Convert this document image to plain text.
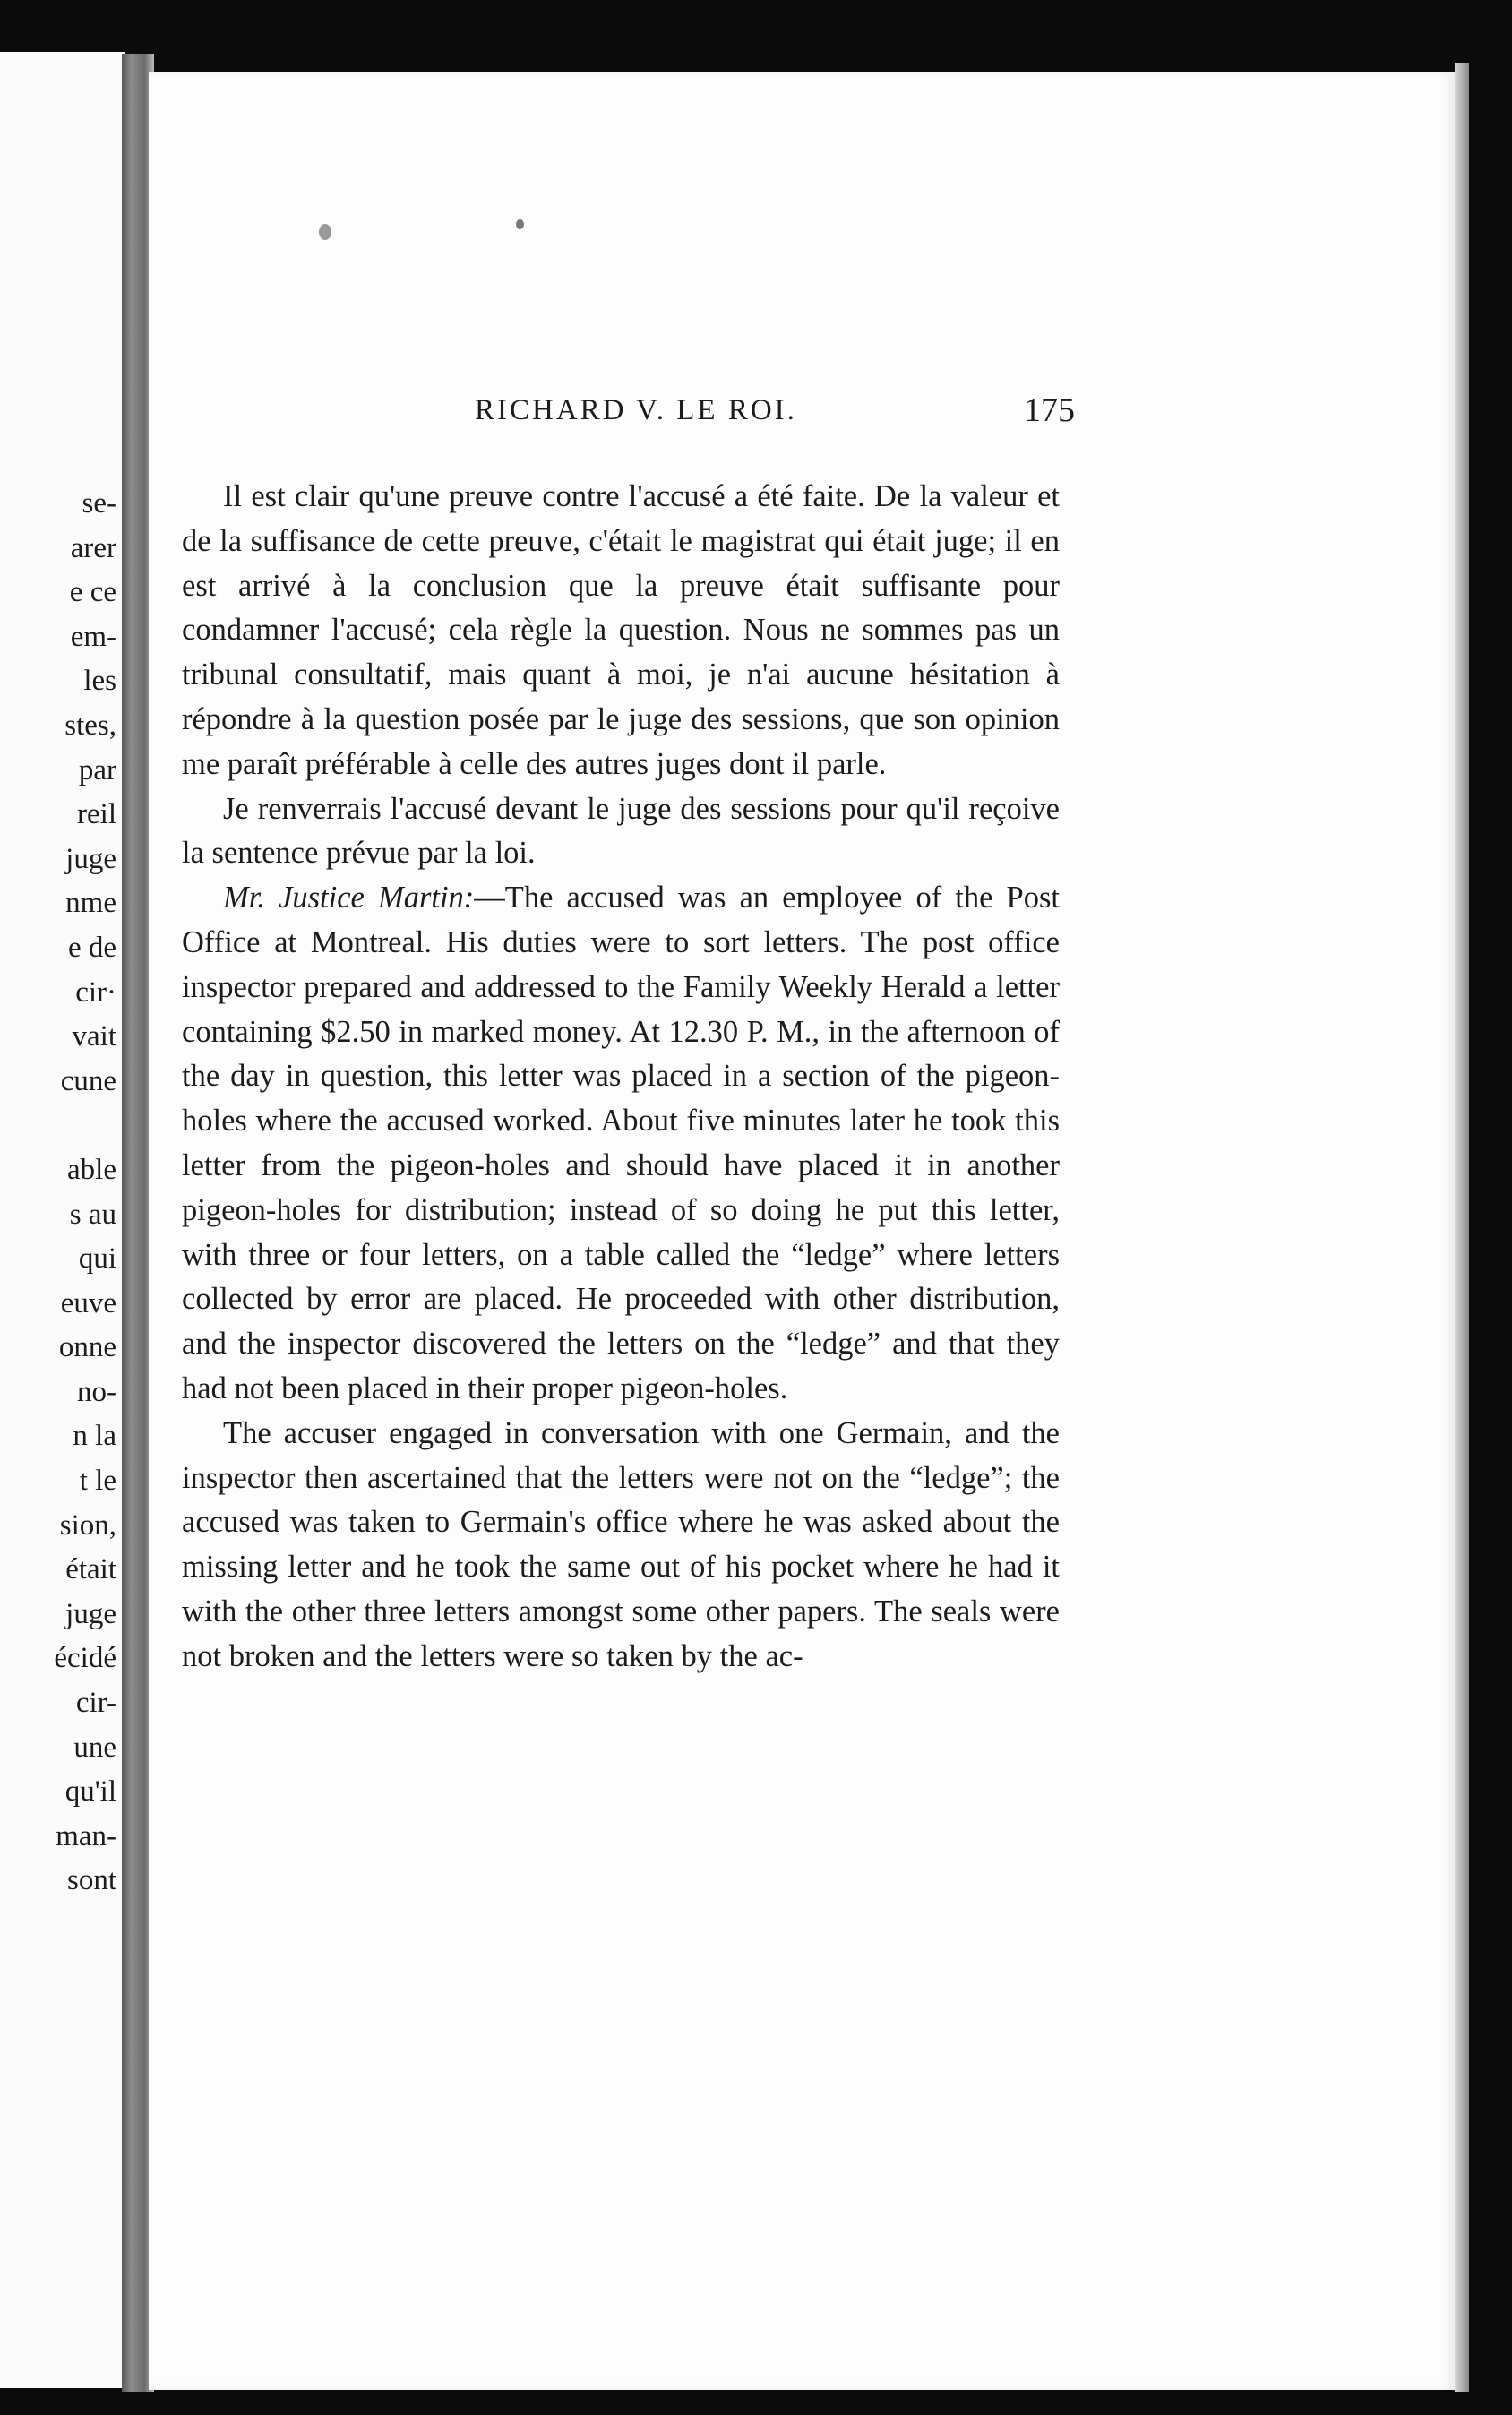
se-
arer
e ce
em-
les
stes,
par
reil
juge
nme
e de
cir·
vait
cune
able
s au
qui
euve
onne
no-
n la
t le
sion,
était
juge
écidé
cir-
une
qu'il
man-
sont
RICHARD V. LE ROI.	175

Il est clair qu'une preuve contre l'accusé a été faite. De la valeur et de la suffisance de cette preuve, c'était le magistrat qui était juge; il en est arrivé à la conclusion que la preuve était suffisante pour condamner l'accusé; cela règle la question. Nous ne sommes pas un tribunal consultatif, mais quant à moi, je n'ai aucune hésitation à répondre à la question posée par le juge des sessions, que son opinion me paraît préférable à celle des autres juges dont il parle.

Je renverrais l'accusé devant le juge des sessions pour qu'il reçoive la sentence prévue par la loi.

Mr. Justice Martin:—The accused was an employee of the Post Office at Montreal. His duties were to sort letters. The post office inspector prepared and addressed to the Family Weekly Herald a letter containing $2.50 in marked money. At 12.30 P. M., in the afternoon of the day in question, this letter was placed in a section of the pigeon-holes where the accused worked. About five minutes later he took this letter from the pigeon-holes and should have placed it in another pigeon-holes for distribution; instead of so doing he put this letter, with three or four letters, on a table called the “ledge” where letters collected by error are placed. He proceeded with other distribution, and the inspector discovered the letters on the “ledge” and that they had not been placed in their proper pigeon-holes.

The accuser engaged in conversation with one Germain, and the inspector then ascertained that the letters were not on the “ledge”; the accused was taken to Germain's office where he was asked about the missing letter and he took the same out of his pocket where he had it with the other three letters amongst some other papers. The seals were not broken and the letters were so taken by the ac-
